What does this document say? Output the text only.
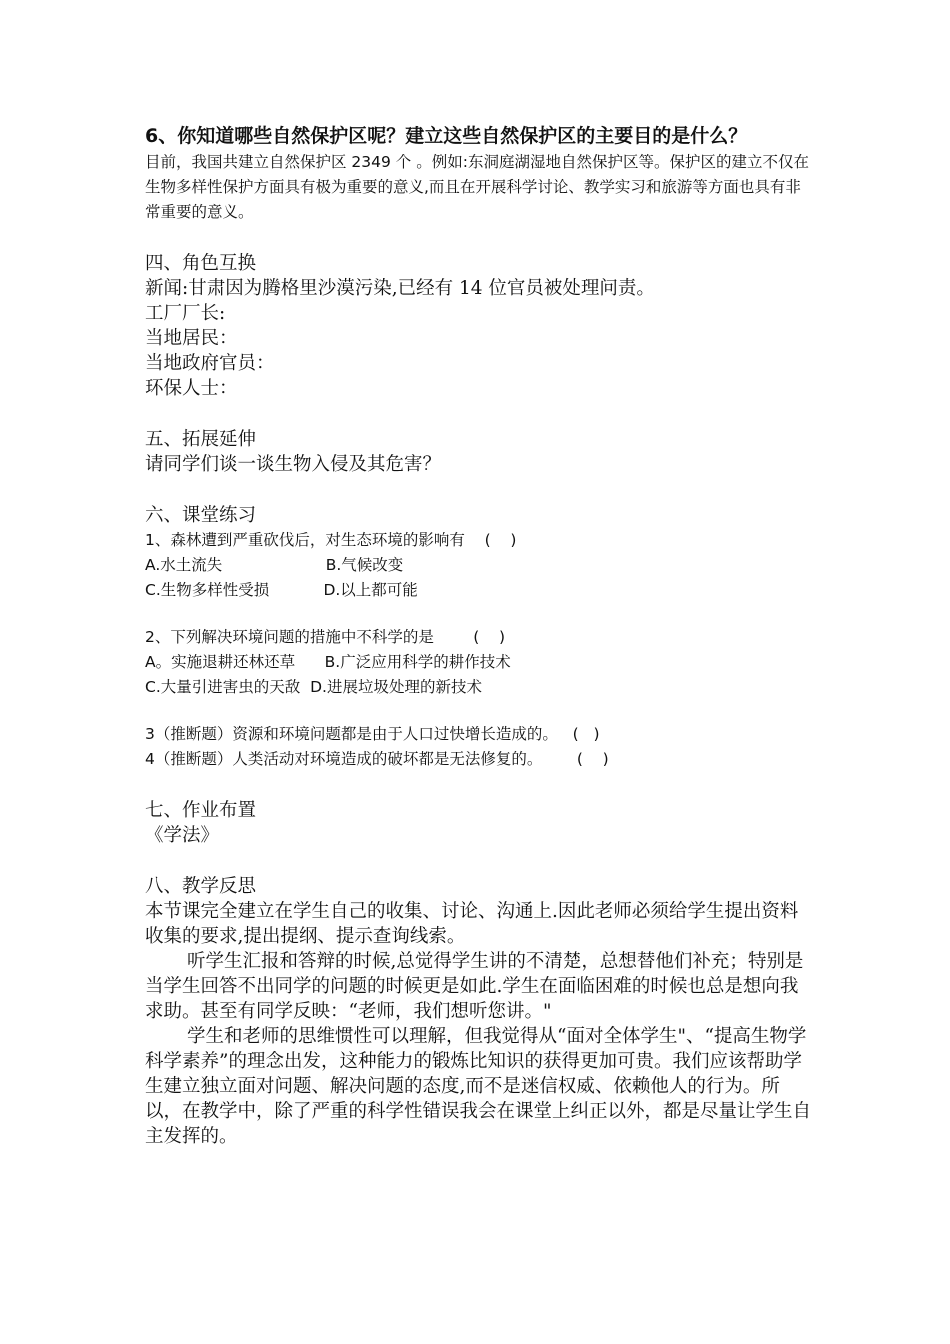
6、你知道哪些自然保护区呢？建立这些自然保护区的主要目的是什么？

目前，我国共建立自然保护区 2349 个 。例如:东洞庭湖湿地自然保护区等。保护区的建立不仅在生物多样性保护方面具有极为重要的意义,而且在开展科学讨论、教学实习和旅游等方面也具有非常重要的意义。

四、角色互换

新闻:甘肃因为腾格里沙漠污染,已经有 14 位官员被处理问责。

工厂厂长:

当地居民：

当地政府官员：

环保人士：

五、拓展延伸

请同学们谈一谈生物入侵及其危害？

六、课堂练习

1、森林遭到严重砍伐后，对生态环境的影响有    (    )

A.水土流失                     B.气候改变

C.生物多样性受损           D.以上都可能

2、下列解决环境问题的措施中不科学的是        (    )

A。实施退耕还林还草      B.广泛应用科学的耕作技术

C.大量引进害虫的天敌  D.进展垃圾处理的新技术

3（推断题）资源和环境问题都是由于人口过快增长造成的。   (   )

4（推断题）人类活动对环境造成的破坏都是无法修复的。       (    )

七、作业布置

《学法》

八、教学反思

本节课完全建立在学生自己的收集、讨论、沟通上.因此老师必须给学生提出资料收集的要求,提出提纲、提示查询线索。

听学生汇报和答辩的时候,总觉得学生讲的不清楚，总想替他们补充；特别是当学生回答不出同学的问题的时候更是如此.学生在面临困难的时候也总是想向我求助。甚至有同学反映：“老师，我们想听您讲。"

学生和老师的思维惯性可以理解，但我觉得从“面对全体学生"、“提高生物学科学素养”的理念出发，这种能力的锻炼比知识的获得更加可贵。我们应该帮助学生建立独立面对问题、解决问题的态度,而不是迷信权威、依赖他人的行为。所以，在教学中，除了严重的科学性错误我会在课堂上纠正以外，都是尽量让学生自主发挥的。
